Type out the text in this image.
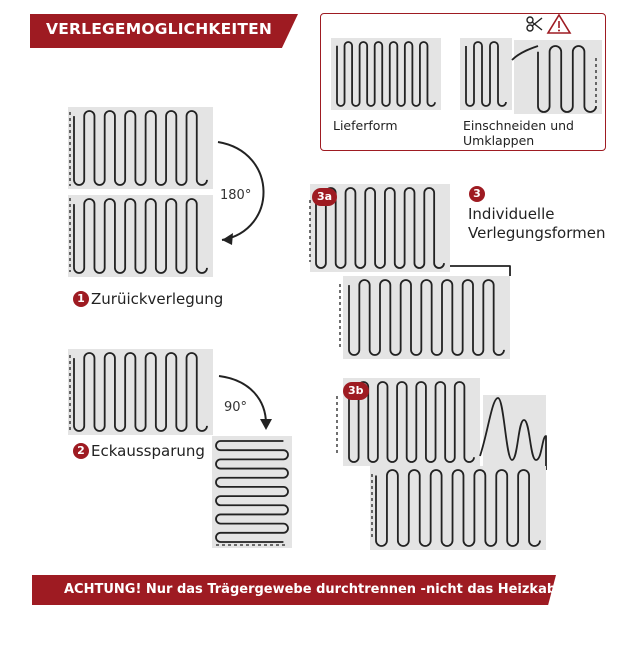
VERLEGEMOGLICHKEITEN
Lieferform	Einschneiden und
Umklappen
180°
1 Zurüickverlegung
90°
2 Eckaussparung
3
Individuelle
Verlegungsformen
3a
3b
ACHTUNG! Nur das Trägergewebe durchtrennen -nicht das Heizkabel!
